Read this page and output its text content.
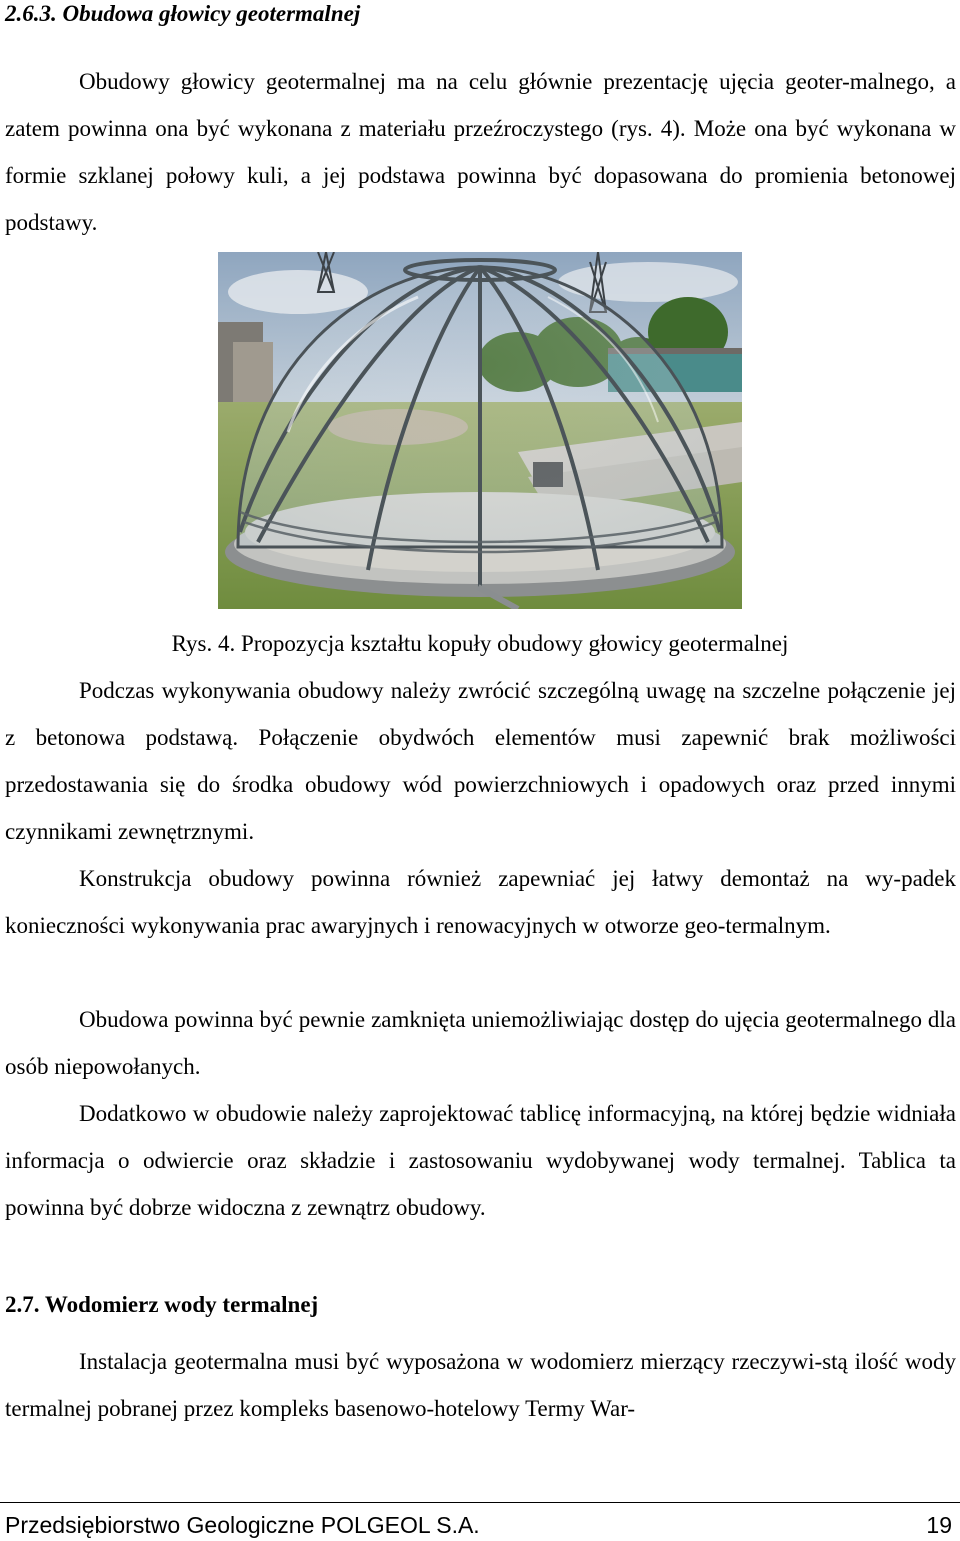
2.6.3. Obudowa głowicy geotermalnej

Obudowy głowicy geotermalnej ma na celu głównie prezentację ujęcia geoter-malnego, a zatem powinna ona być wykonana z materiału przeźroczystego (rys. 4). Może ona być wykonana w formie szklanej połowy kuli, a jej podstawa powinna być dopasowana do promienia betonowej podstawy.

Rys. 4. Propozycja kształtu kopuły obudowy głowicy geotermalnej

Podczas wykonywania obudowy należy zwrócić szczególną uwagę na szczelne połączenie jej z betonowa podstawą. Połączenie obydwóch elementów musi zapewnić brak możliwości przedostawania się do środka obudowy wód powierzchniowych i opadowych oraz przed innymi czynnikami zewnętrznymi.

Konstrukcja obudowy powinna również zapewniać jej łatwy demontaż na wy-padek konieczności wykonywania prac awaryjnych i renowacyjnych w otworze geo-termalnym.

Obudowa powinna być pewnie zamknięta uniemożliwiając dostęp do ujęcia geotermalnego dla osób niepowołanych.

Dodatkowo w obudowie należy zaprojektować tablicę informacyjną, na której będzie widniała informacja o odwiercie oraz składzie i zastosowaniu wydobywanej wody termalnej. Tablica ta powinna być dobrze widoczna z zewnątrz obudowy.

2.7. Wodomierz wody termalnej

Instalacja geotermalna musi być wyposażona w wodomierz mierzący rzeczywi-stą ilość wody termalnej pobranej przez kompleks basenowo-hotelowy Termy War-

Przedsiębiorstwo Geologiczne POLGEOL S.A.	19
